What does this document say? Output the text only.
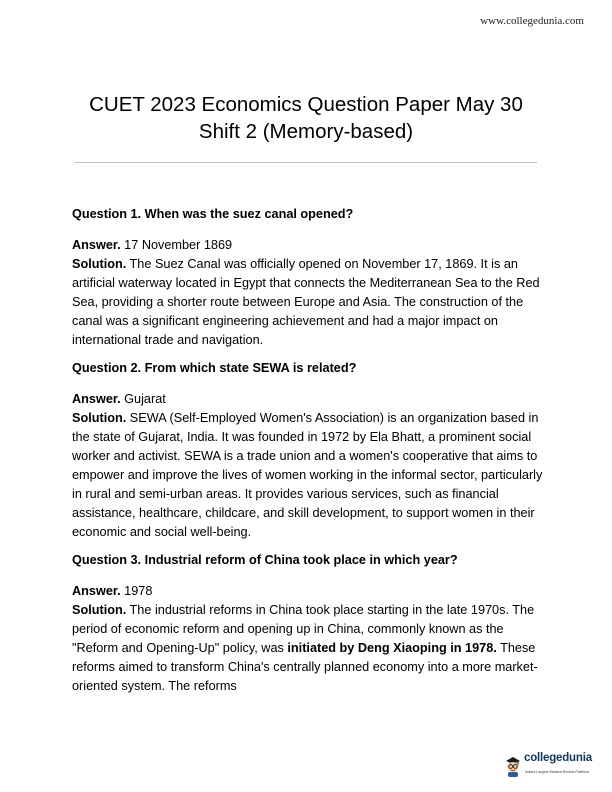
www.collegedunia.com
CUET 2023 Economics Question Paper May 30
Shift 2 (Memory-based)

Question 1. When was the suez canal opened?

Answer. 17 November 1869

Solution. The Suez Canal was officially opened on November 17, 1869. It is an artificial waterway located in Egypt that connects the Mediterranean Sea to the Red Sea, providing a shorter route between Europe and Asia. The construction of the canal was a significant engineering achievement and had a major impact on international trade and navigation.

Question 2. From which state SEWA is related?

Answer. Gujarat

Solution. SEWA (Self-Employed Women's Association) is an organization based in the state of Gujarat, India. It was founded in 1972 by Ela Bhatt, a prominent social worker and activist. SEWA is a trade union and a women's cooperative that aims to empower and improve the lives of women working in the informal sector, particularly in rural and semi-urban areas. It provides various services, such as financial assistance, healthcare, childcare, and skill development, to support women in their economic and social well-being.

Question 3. Industrial reform of China took place in which year?

Answer. 1978

Solution. The industrial reforms in China took place starting in the late 1970s. The period of economic reform and opening up in China, commonly known as the "Reform and Opening-Up" policy, was initiated by Deng Xiaoping in 1978. These reforms aimed to transform China's centrally planned economy into a more market-oriented system. The reforms

collegedunia
India's Largest Student Review Platform
